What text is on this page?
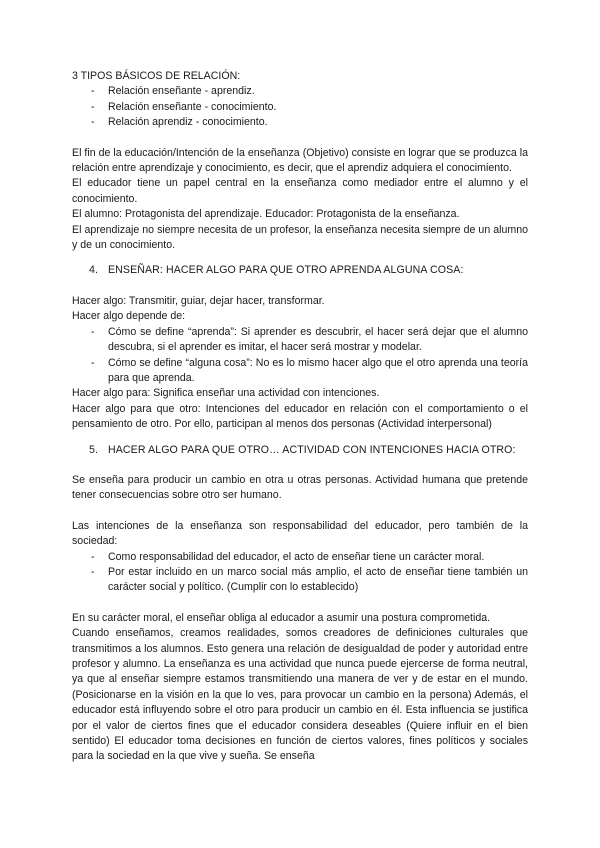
3 TIPOS BÁSICOS DE RELACIÓN:

- Relación enseñante - aprendiz.
- Relación enseñante - conocimiento.
- Relación aprendiz - conocimiento.

El fin de la educación/Intención de la enseñanza (Objetivo) consiste en lograr que se produzca la relación entre aprendizaje y conocimiento, es decir, que el aprendiz adquiera el conocimiento.

El educador tiene un papel central en la enseñanza como mediador entre el alumno y el conocimiento.

El alumno: Protagonista del aprendizaje. Educador: Protagonista de la enseñanza.

El aprendizaje no siempre necesita de un profesor, la enseñanza necesita siempre de un alumno y de un conocimiento.

4. ENSEÑAR: HACER ALGO PARA QUE OTRO APRENDA ALGUNA COSA:

Hacer algo: Transmitir, guiar, dejar hacer, transformar.

Hacer algo depende de:

- Cómo se define “aprenda”: Si aprender es descubrir, el hacer será dejar que el alumno descubra, si el aprender es imitar, el hacer será mostrar y modelar.
- Cómo se define “alguna cosa”: No es lo mismo hacer algo que el otro aprenda una teoría para que aprenda.

Hacer algo para: Significa enseñar una actividad con intenciones.

Hacer algo para que otro: Intenciones del educador en relación con el comportamiento o el pensamiento de otro. Por ello, participan al menos dos personas (Actividad interpersonal)

5. HACER ALGO PARA QUE OTRO… ACTIVIDAD CON INTENCIONES HACIA OTRO:

Se enseña para producir un cambio en otra u otras personas. Actividad humana que pretende tener consecuencias sobre otro ser humano.

Las intenciones de la enseñanza son responsabilidad del educador, pero también de la sociedad:

- Como responsabilidad del educador, el acto de enseñar tiene un carácter moral.
- Por estar incluido en un marco social más amplio, el acto de enseñar tiene también un carácter social y político. (Cumplir con lo establecido)

En su carácter moral, el enseñar obliga al educador a asumir una postura comprometida.

Cuando enseñamos, creamos realidades, somos creadores de definiciones culturales que transmitimos a los alumnos. Esto genera una relación de desigualdad de poder y autoridad entre profesor y alumno. La enseñanza es una actividad que nunca puede ejercerse de forma neutral, ya que al enseñar siempre estamos transmitiendo una manera de ver y de estar en el mundo. (Posicionarse en la visión en la que lo ves, para provocar un cambio en la persona) Además, el educador está influyendo sobre el otro para producir un cambio en él. Esta influencia se justifica por el valor de ciertos fines que el educador considera deseables (Quiere influir en el bien sentido) El educador toma decisiones en función de ciertos valores, fines políticos y sociales para la sociedad en la que vive y sueña. Se enseña
